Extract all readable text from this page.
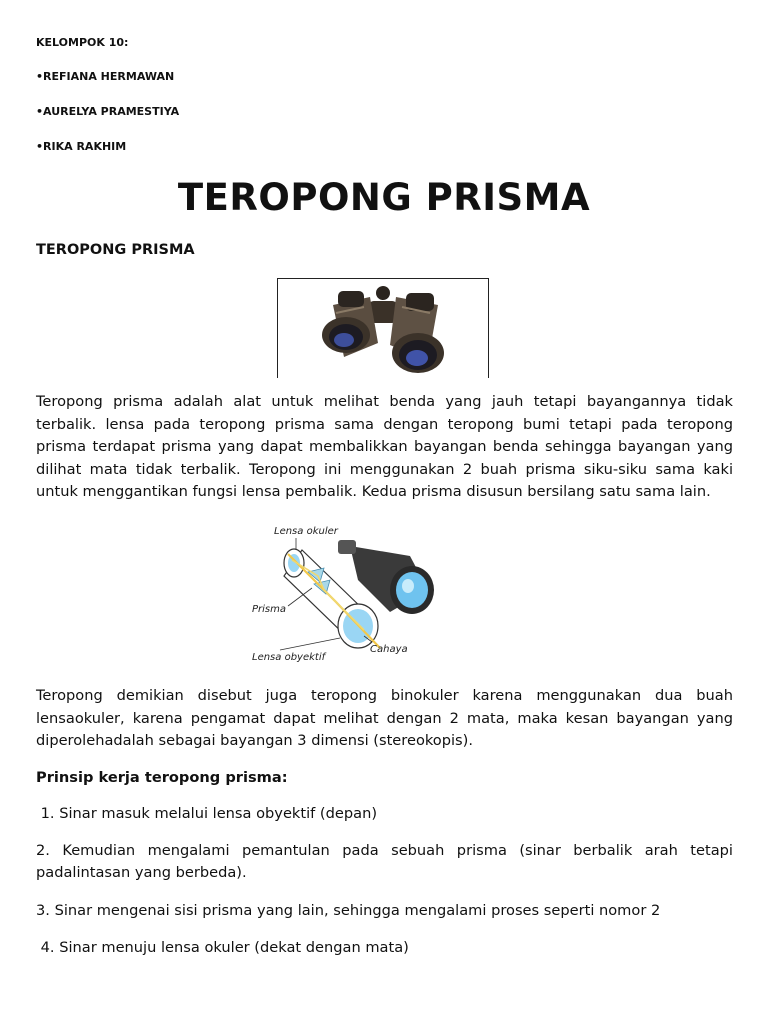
KELOMPOK 10:
•REFIANA HERMAWAN
•AURELYA PRAMESTIYA
•RIKA RAKHIM
TEROPONG PRISMA
TEROPONG PRISMA

Teropong prisma adalah alat untuk melihat benda yang jauh tetapi bayangannya tidak terbalik. lensa pada teropong prisma sama dengan teropong bumi tetapi pada teropong prisma terdapat prisma yang dapat membalikkan bayangan benda sehingga bayangan yang dilihat mata tidak terbalik. Teropong ini menggunakan 2 buah prisma siku-siku sama kaki untuk menggantikan fungsi lensa pembalik. Kedua prisma disusun bersilang satu sama lain.

Lensa okuler
Prisma
Lensa obyektif
Cahaya

Teropong demikian disebut juga teropong binokuler karena menggunakan dua buah lensaokuler, karena pengamat dapat melihat dengan 2 mata, maka kesan bayangan yang diperolehadalah sebagai bayangan 3 dimensi (stereokopis).

Prinsip kerja teropong prisma:

1. Sinar masuk melalui lensa obyektif (depan)

2. Kemudian mengalami pemantulan pada sebuah prisma (sinar berbalik arah tetapi padalintasan yang berbeda).

3. Sinar mengenai sisi prisma yang lain, sehingga mengalami proses seperti nomor 2

4. Sinar menuju lensa okuler (dekat dengan mata)
